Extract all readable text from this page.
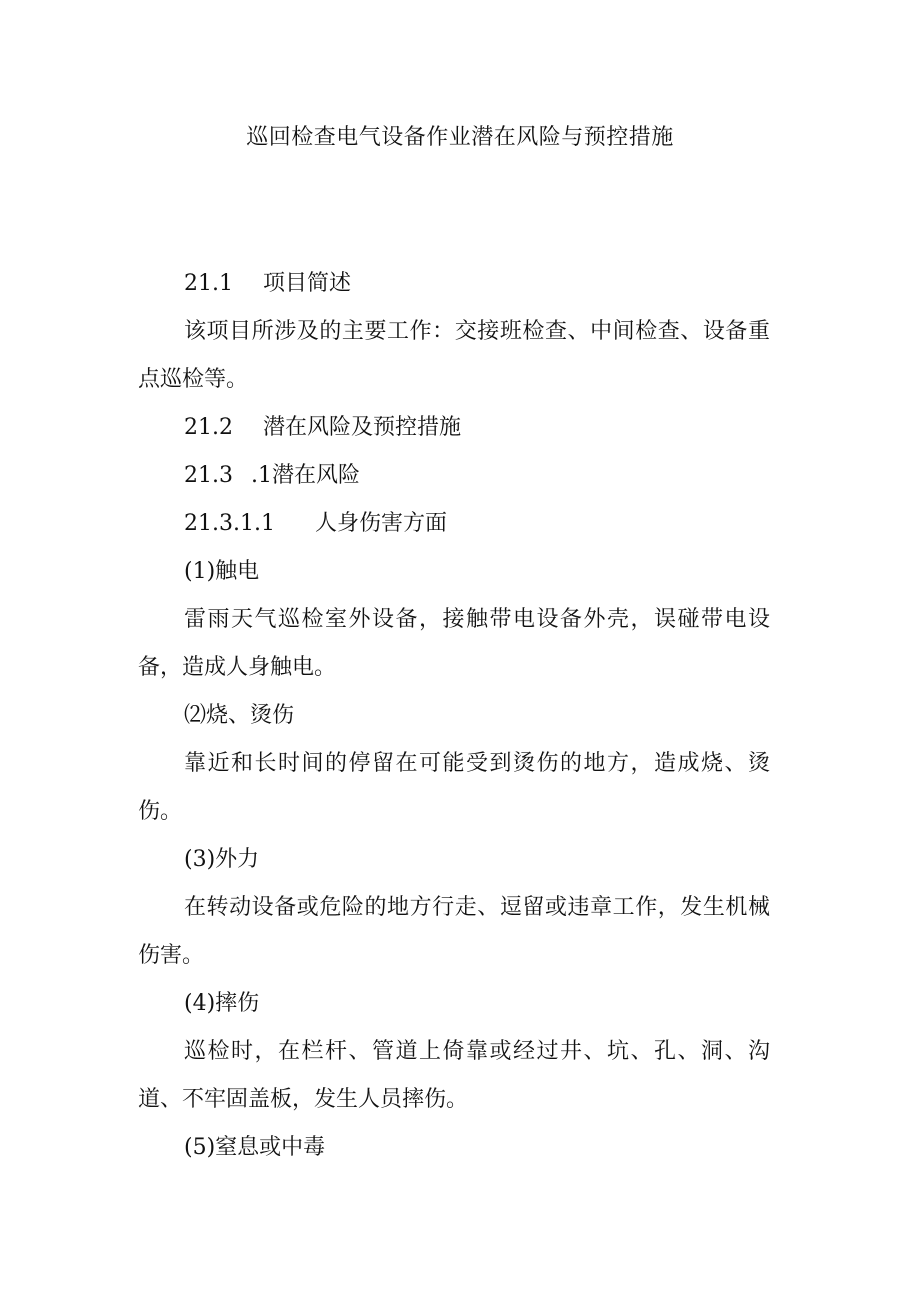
巡回检查电气设备作业潜在风险与预控措施

21.1 项目简述

该项目所涉及的主要工作：交接班检查、中间检查、设备重点巡检等。

21.2 潜在风险及预控措施

21.3 .1潜在风险

21.3.1.1 人身伤害方面

(1)触电

雷雨天气巡检室外设备，接触带电设备外壳，误碰带电设备，造成人身触电。

⑵烧、烫伤

靠近和长时间的停留在可能受到烫伤的地方，造成烧、烫伤。

(3)外力

在转动设备或危险的地方行走、逗留或违章工作，发生机械伤害。

(4)摔伤

巡检时，在栏杆、管道上倚靠或经过井、坑、孔、洞、沟道、不牢固盖板，发生人员摔伤。

(5)窒息或中毒
